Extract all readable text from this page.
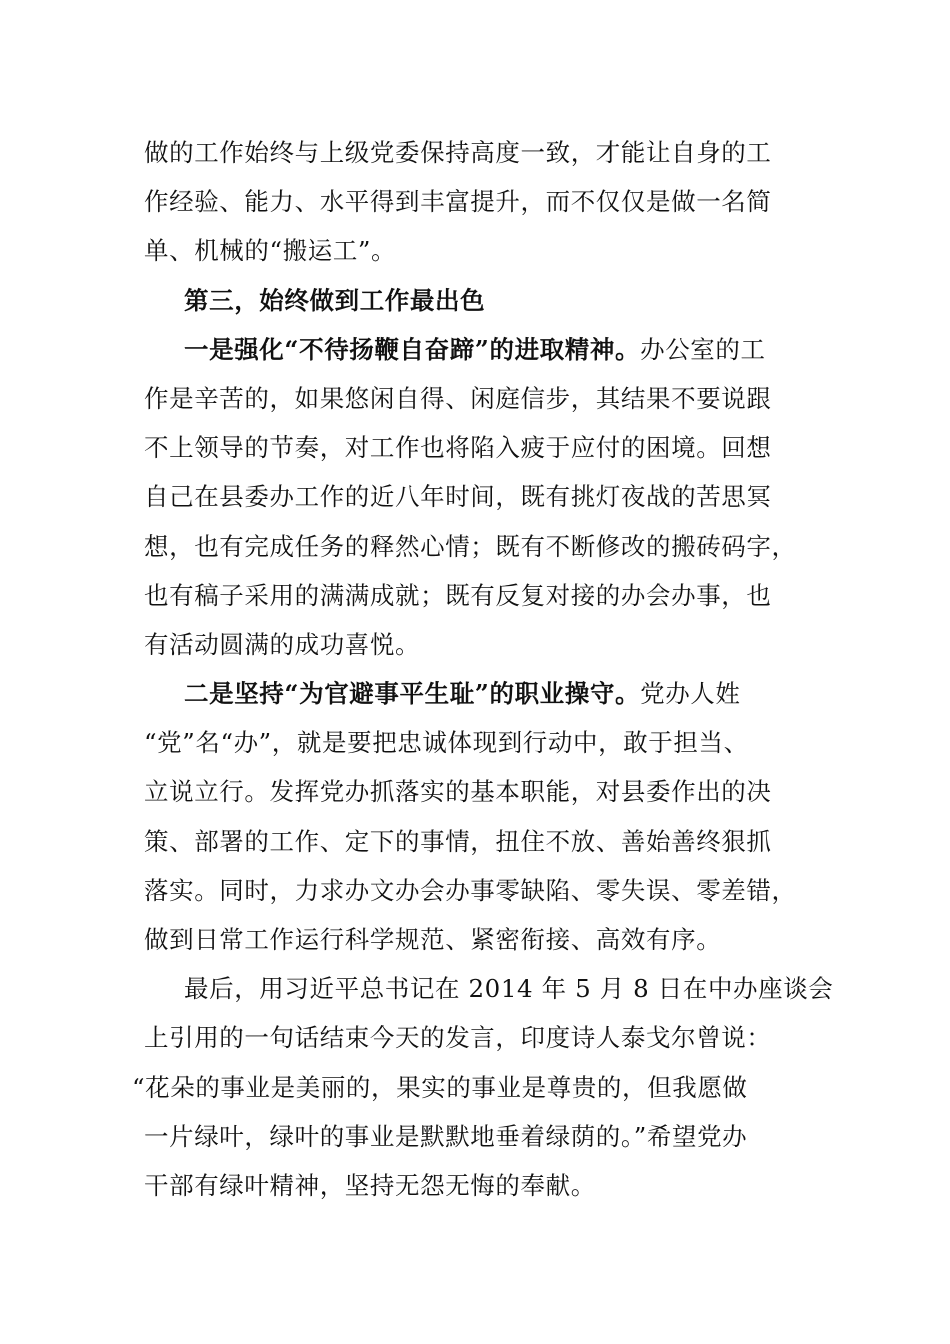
做的工作始终与上级党委保持高度一致，才能让自身的工
作经验、能力、水平得到丰富提升，而不仅仅是做一名简
单、机械的“搬运工”。
第三，始终做到工作最出色
一是强化“不待扬鞭自奋蹄”的进取精神。办公室的工
作是辛苦的，如果悠闲自得、闲庭信步，其结果不要说跟
不上领导的节奏，对工作也将陷入疲于应付的困境。回想
自己在县委办工作的近八年时间，既有挑灯夜战的苦思冥
想，也有完成任务的释然心情；既有不断修改的搬砖码字，
也有稿子采用的满满成就；既有反复对接的办会办事，也
有活动圆满的成功喜悦。
二是坚持“为官避事平生耻”的职业操守。党办人姓
“党”名“办”，就是要把忠诚体现到行动中，敢于担当、
立说立行。发挥党办抓落实的基本职能，对县委作出的决
策、部署的工作、定下的事情，扭住不放、善始善终狠抓
落实。同时，力求办文办会办事零缺陷、零失误、零差错，
做到日常工作运行科学规范、紧密衔接、高效有序。
最后，用习近平总书记在 2014 年 5 月 8 日在中办座谈会
上引用的一句话结束今天的发言，印度诗人泰戈尔曾说：
“花朵的事业是美丽的，果实的事业是尊贵的，但我愿做
一片绿叶，绿叶的事业是默默地垂着绿荫的。”希望党办
干部有绿叶精神，坚持无怨无悔的奉献。
